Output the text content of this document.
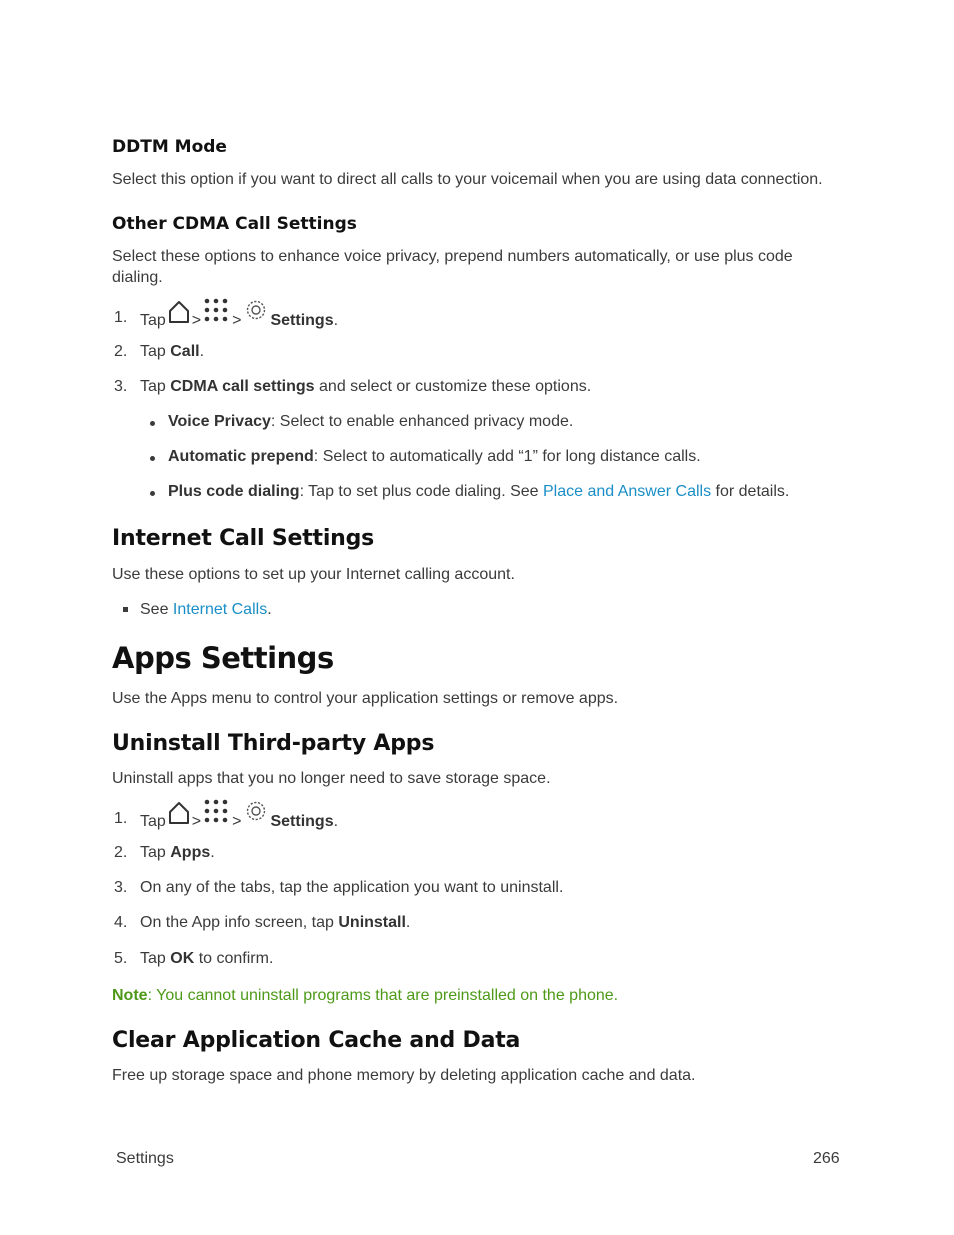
DDTM Mode
Select this option if you want to direct all calls to your voicemail when you are using data connection.
Other CDMA Call Settings
Select these options to enhance voice privacy, prepend numbers automatically, or use plus code
dialing.
1. Tap > > Settings .
2. Tap Call.
3. Tap CDMA call settings and select or customize these options.
Voice Privacy: Select to enable enhanced privacy mode.
Automatic prepend: Select to automatically add “1” for long distance calls.
Plus code dialing: Tap to set plus code dialing. See Place and Answer Calls for details.
Internet Call Settings
Use these options to set up your Internet calling account.
See Internet Calls.
Apps Settings
Use the Apps menu to control your application settings or remove apps.
Uninstall Third-party Apps
Uninstall apps that you no longer need to save storage space.
1. Tap > > Settings .
2. Tap Apps.
3. On any of the tabs, tap the application you want to uninstall.
4. On the App info screen, tap Uninstall.
5. Tap OK to confirm.
Note: You cannot uninstall programs that are preinstalled on the phone.
Clear Application Cache and Data
Free up storage space and phone memory by deleting application cache and data.
Settings	266
